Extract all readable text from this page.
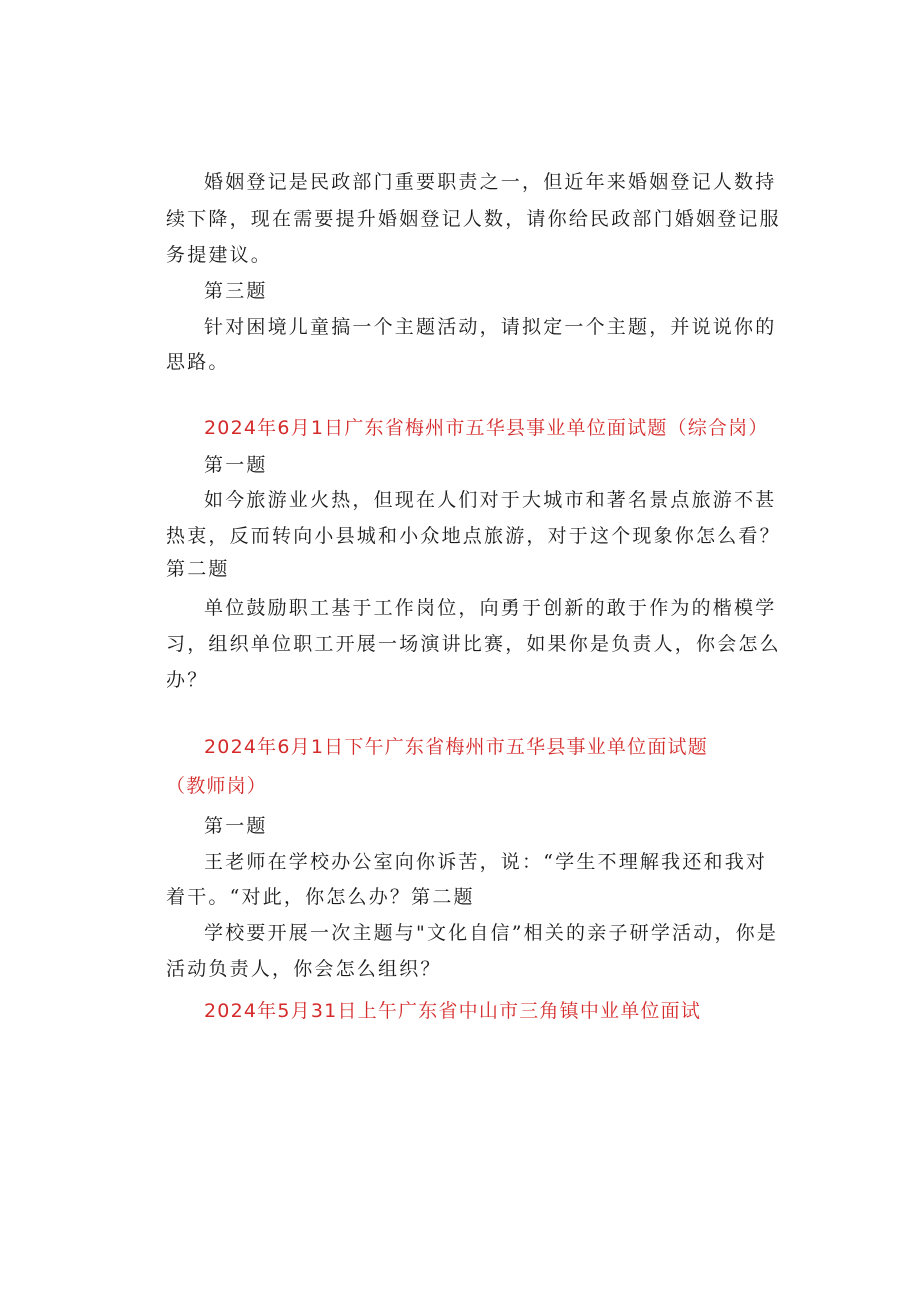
婚姻登记是民政部门重要职责之一，但近年来婚姻登记人数持
续下降，现在需要提升婚姻登记人数，请你给民政部门婚姻登记服
务提建议。
第三题
针对困境儿童搞一个主题活动，请拟定一个主题，并说说你的
思路。
2024年6月1日广东省梅州市五华县事业单位面试题（综合岗）
第一题
如今旅游业火热，但现在人们对于大城市和著名景点旅游不甚
热衷，反而转向小县城和小众地点旅游，对于这个现象你怎么看？
第二题
单位鼓励职工基于工作岗位，向勇于创新的敢于作为的楷模学
习，组织单位职工开展一场演讲比赛，如果你是负责人，你会怎么
办？
2024年6月1日下午广东省梅州市五华县事业单位面试题
（教师岗）
第一题
王老师在学校办公室向你诉苦，说：“学生不理解我还和我对
着干。“对此，你怎么办？第二题
学校要开展一次主题与"文化自信”相关的亲子研学活动，你是
活动负责人，你会怎么组织？
2024年5月31日上午广东省中山市三角镇中业单位面试
